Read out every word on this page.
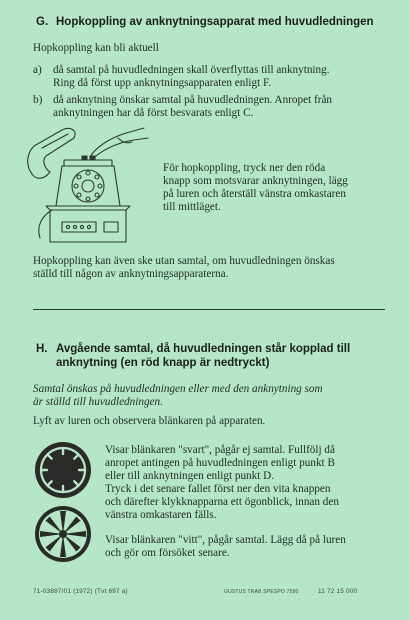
G. Hopkoppling av anknytningsapparat med huvudledningen
Hopkoppling kan bli aktuell
a) då samtal på huvudledningen skall överflyttas till anknytning.
Ring då först upp anknytningsapparaten enligt F.
b) då anknytning önskar samtal på huvudledningen. Anropet från
anknytningen har då först besvarats enligt C.
För hopkoppling, tryck ner den röda
knapp som motsvarar anknytningen, lägg
på luren och återställ vänstra omkastaren
till mittläget.
Hopkoppling kan även ske utan samtal, om huvudledningen önskas
ställd till någon av anknytningsapparaterna.
H. Avgående samtal, då huvudledningen står kopplad till
anknytning (en röd knapp är nedtryckt)
Samtal önskas på huvudledningen eller med den anknytning som
är ställd till huvudledningen.
Lyft av luren och observera blänkaren på apparaten.
Visar blänkaren "svart", pågår ej samtal. Fullfölj då
anropet antingen på huvudledningen enligt punkt B
eller till anknytningen enligt punkt D.
Tryck i det senare fallet först ner den vita knappen
och därefter klykknapparna ett ögonblick, innan den
vänstra omkastaren fälls.
Visar blänkaren "vitt", pågår samtal. Lägg då på luren
och gör om försöket senare.
71-03897/01 (1972) (Tvt 697 a)	GUSTUS TRAB SPESPO 7580	11 72 15 000
